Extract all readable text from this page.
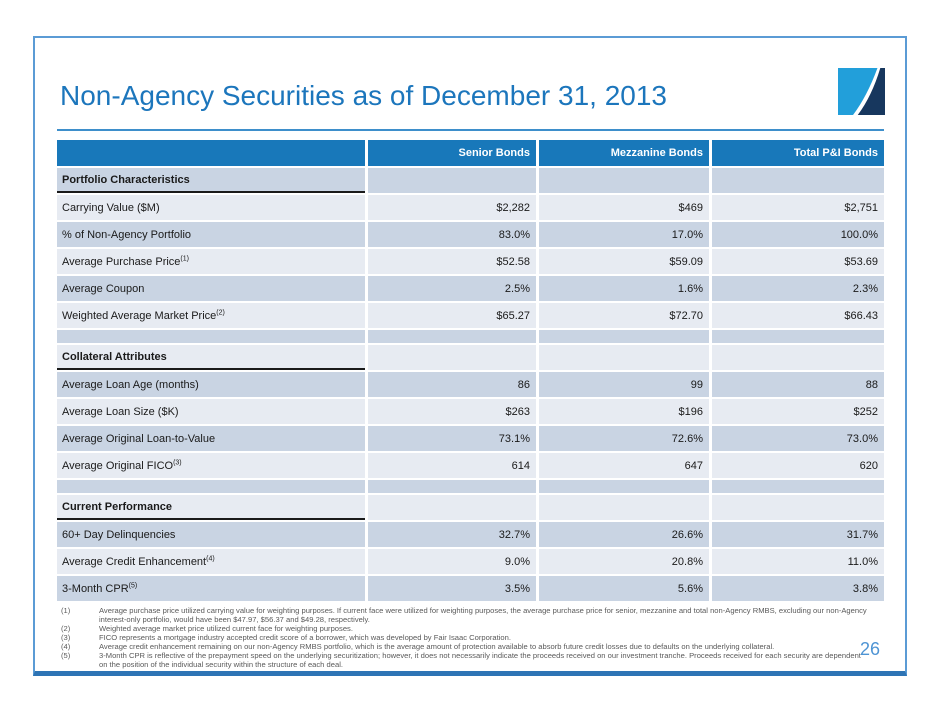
Non-Agency Securities as of December 31, 2013
	Senior Bonds	Mezzanine Bonds	Total P&I Bonds
Portfolio Characteristics			
Carrying Value ($M)	$2,282	$469	$2,751
% of Non-Agency Portfolio	83.0%	17.0%	100.0%
Average Purchase Price$^{(1)}$	$52.58	$59.09	$53.69
Average Coupon	2.5%	1.6%	2.3%
Weighted Average Market Price$^{(2)}$	$65.27	$72.70	$66.43

Collateral Attributes			
Average Loan Age (months)	86	99	88
Average Loan Size ($K)	$263	$196	$252
Average Original Loan-to-Value	73.1%	72.6%	73.0%
Average Original FICO$^{(3)}$	614	647	620

Current Performance			
60+ Day Delinquencies	32.7%	26.6%	31.7%
Average Credit Enhancement$^{(4)}$	9.0%	20.8%	11.0%
3-Month CPR$^{(5)}$	3.5%	5.6%	3.8%
(1)	Average purchase price utilized carrying value for weighting purposes. If current face were utilized for weighting purposes, the average purchase price for senior, mezzanine and total non-Agency RMBS, excluding our non-Agency interest-only portfolio, would have been $47.97, $56.37 and $49.28, respectively.
(2)	Weighted average market price utilized current face for weighting purposes.
(3)	FICO represents a mortgage industry accepted credit score of a borrower, which was developed by Fair Isaac Corporation.
(4)	Average credit enhancement remaining on our non-Agency RMBS portfolio, which is the average amount of protection available to absorb future credit losses due to defaults on the underlying collateral.
(5)	3-Month CPR is reflective of the prepayment speed on the underlying securitization; however, it does not necessarily indicate the proceeds received on our investment tranche. Proceeds received for each security are dependent on the position of the individual security within the structure of each deal.
26
